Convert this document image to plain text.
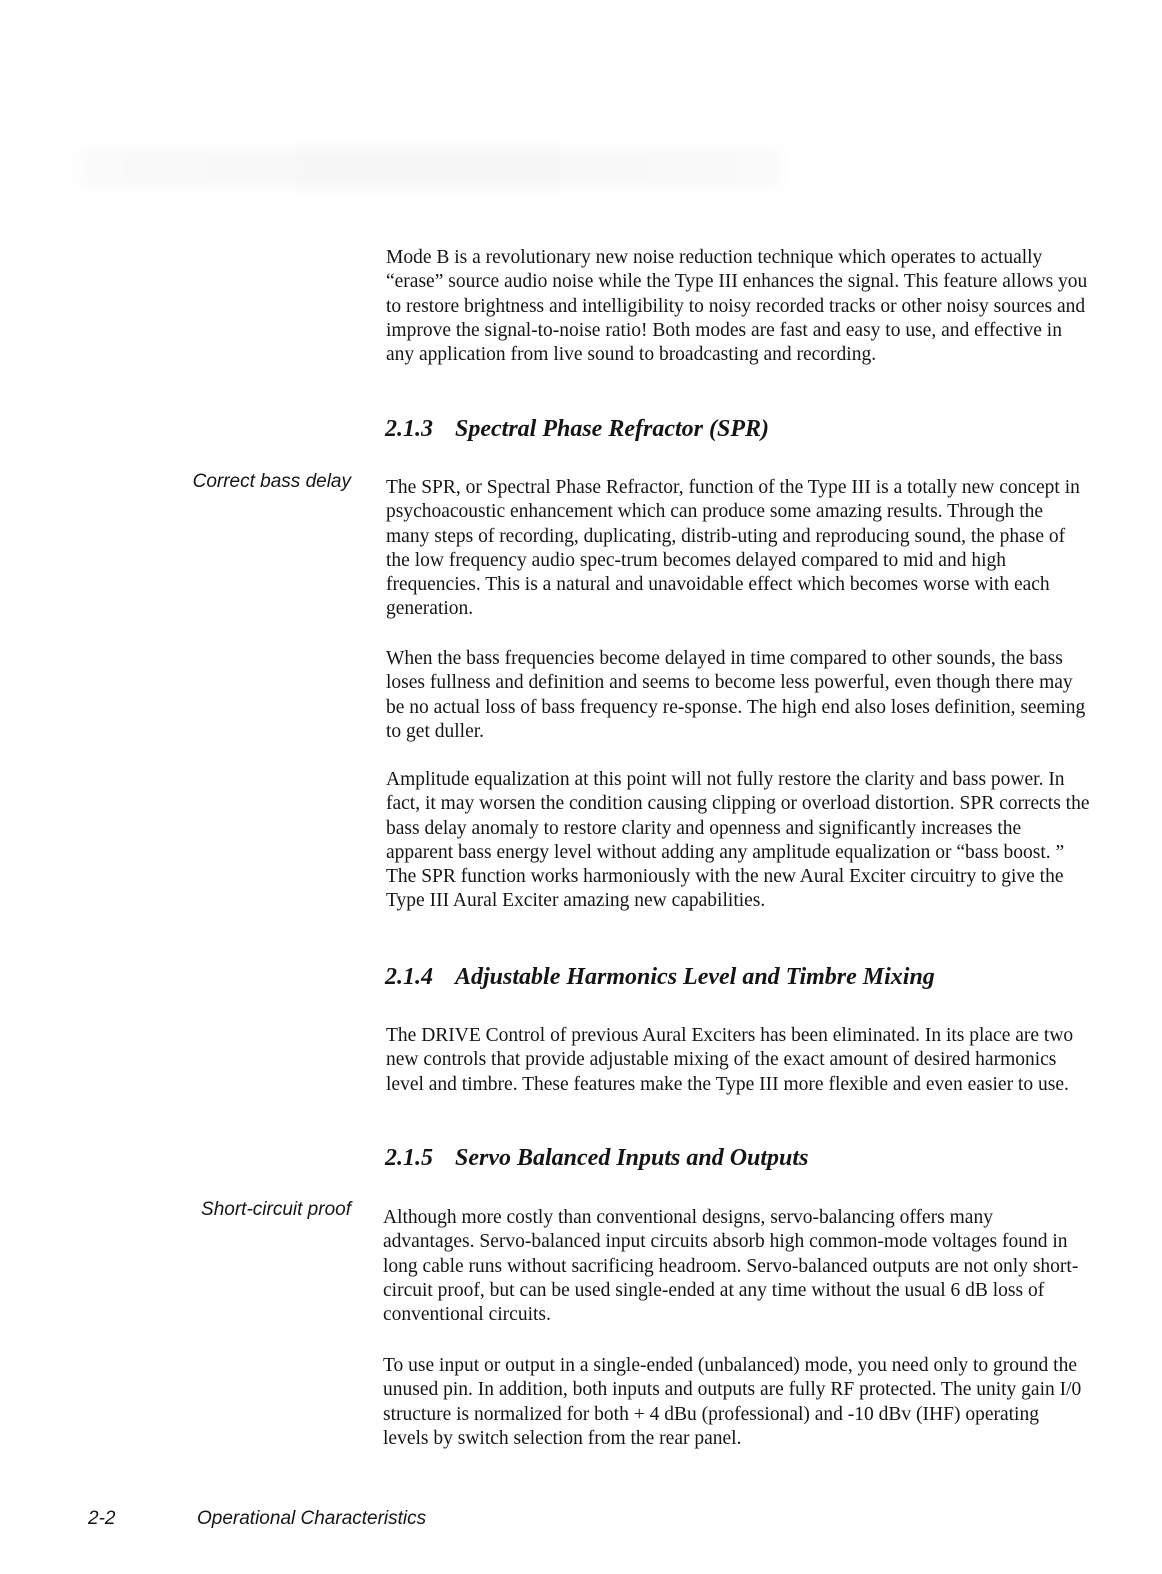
Mode B is a revolutionary new noise reduction technique which operates to actually “erase” source audio noise while the Type III enhances the signal. This feature allows you to restore brightness and intelligibility to noisy recorded tracks or other noisy sources and improve the signal-to-noise ratio! Both modes are fast and easy to use, and effective in any application from live sound to broadcasting and recording.

2.1.3 Spectral Phase Refractor (SPR)

Correct bass delay The SPR, or Spectral Phase Refractor, function of the Type III is a totally new concept in psychoacoustic enhancement which can produce some amazing results. Through the many steps of recording, duplicating, distrib-uting and reproducing sound, the phase of the low frequency audio spec-trum becomes delayed compared to mid and high frequencies. This is a natural and unavoidable effect which becomes worse with each generation.

When the bass frequencies become delayed in time compared to other sounds, the bass loses fullness and definition and seems to become less powerful, even though there may be no actual loss of bass frequency re-sponse. The high end also loses definition, seeming to get duller.

Amplitude equalization at this point will not fully restore the clarity and bass power. In fact, it may worsen the condition causing clipping or overload distortion. SPR corrects the bass delay anomaly to restore clarity and openness and significantly increases the apparent bass energy level without adding any amplitude equalization or “bass boost. ” The SPR function works harmoniously with the new Aural Exciter circuitry to give the Type III Aural Exciter amazing new capabilities.

2.1.4 Adjustable Harmonics Level and Timbre Mixing

The DRIVE Control of previous Aural Exciters has been eliminated. In its place are two new controls that provide adjustable mixing of the exact amount of desired harmonics level and timbre. These features make the Type III more flexible and even easier to use.

2.1.5 Servo Balanced Inputs and Outputs

Short-circuit proof Although more costly than conventional designs, servo-balancing offers many advantages. Servo-balanced input circuits absorb high common-mode voltages found in long cable runs without sacrificing headroom. Servo-balanced outputs are not only short-circuit proof, but can be used single-ended at any time without the usual 6 dB loss of conventional circuits.

To use input or output in a single-ended (unbalanced) mode, you need only to ground the unused pin. In addition, both inputs and outputs are fully RF protected. The unity gain I/0 structure is normalized for both + 4 dBu (professional) and -10 dBv (IHF) operating levels by switch selection from the rear panel.

2-2	Operational Characteristics
